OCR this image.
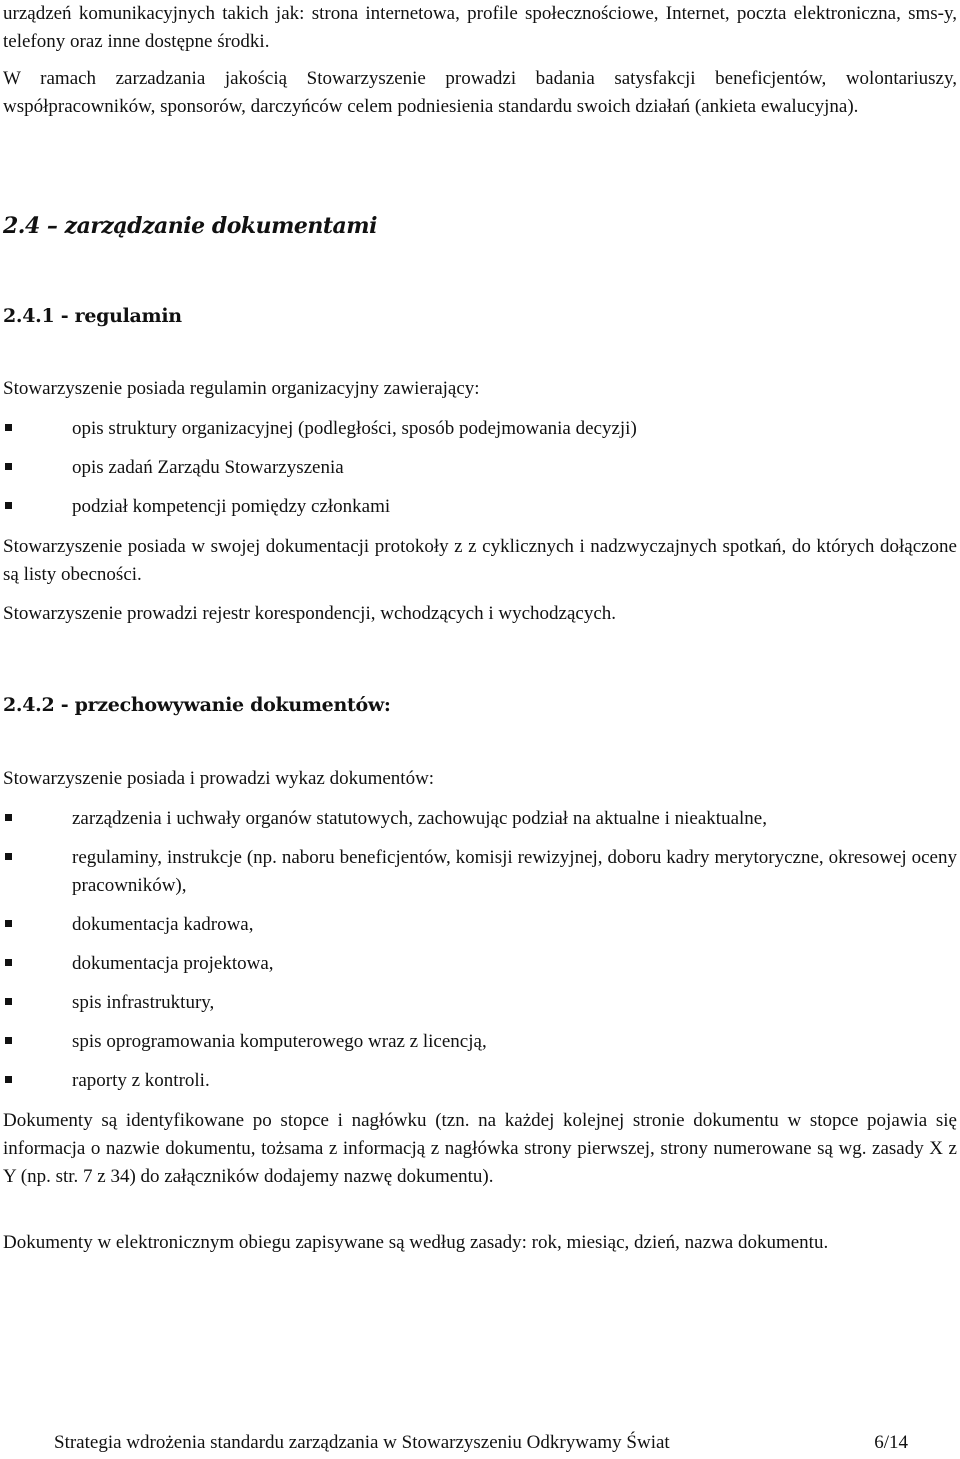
urządzeń komunikacyjnych takich jak: strona internetowa, profile społecznościowe, Internet, poczta elektroniczna, sms-y, telefony oraz inne dostępne środki.

W ramach zarzadzania jakością Stowarzyszenie prowadzi badania satysfakcji beneficjentów, wolontariuszy, współpracowników, sponsorów, darczyńców celem podniesienia standardu swoich działań (ankieta ewalucyjna).

2.4 – zarządzanie dokumentami
2.4.1 - regulamin

Stowarzyszenie posiada regulamin organizacyjny zawierający:

opis struktury organizacyjnej (podległości, sposób podejmowania decyzji)
opis zadań Zarządu Stowarzyszenia
podział kompetencji pomiędzy członkami

Stowarzyszenie posiada w swojej dokumentacji protokoły z z cyklicznych i nadzwyczajnych spotkań, do których dołączone są listy obecności.

Stowarzyszenie prowadzi rejestr korespondencji, wchodzących i wychodzących.

2.4.2 - przechowywanie dokumentów:

Stowarzyszenie posiada i prowadzi wykaz dokumentów:

zarządzenia i uchwały organów statutowych, zachowując podział na aktualne i nieaktualne,
regulaminy, instrukcje (np. naboru beneficjentów, komisji rewizyjnej, doboru kadry merytoryczne, okresowej oceny pracowników),
dokumentacja kadrowa,
dokumentacja projektowa,
spis infrastruktury,
spis oprogramowania komputerowego wraz z licencją,
raporty z kontroli.

Dokumenty są identyfikowane po stopce i nagłówku (tzn. na każdej kolejnej stronie dokumentu w stopce pojawia się informacja o nazwie dokumentu, tożsama z informacją z nagłówka strony pierwszej, strony numerowane są wg. zasady X z Y (np. str. 7 z 34) do załączników dodajemy nazwę dokumentu).

Dokumenty w elektronicznym obiegu zapisywane są według zasady: rok, miesiąc, dzień, nazwa dokumentu.

Strategia wdrożenia standardu zarządzania w Stowarzyszeniu Odkrywamy Świat	6/14
